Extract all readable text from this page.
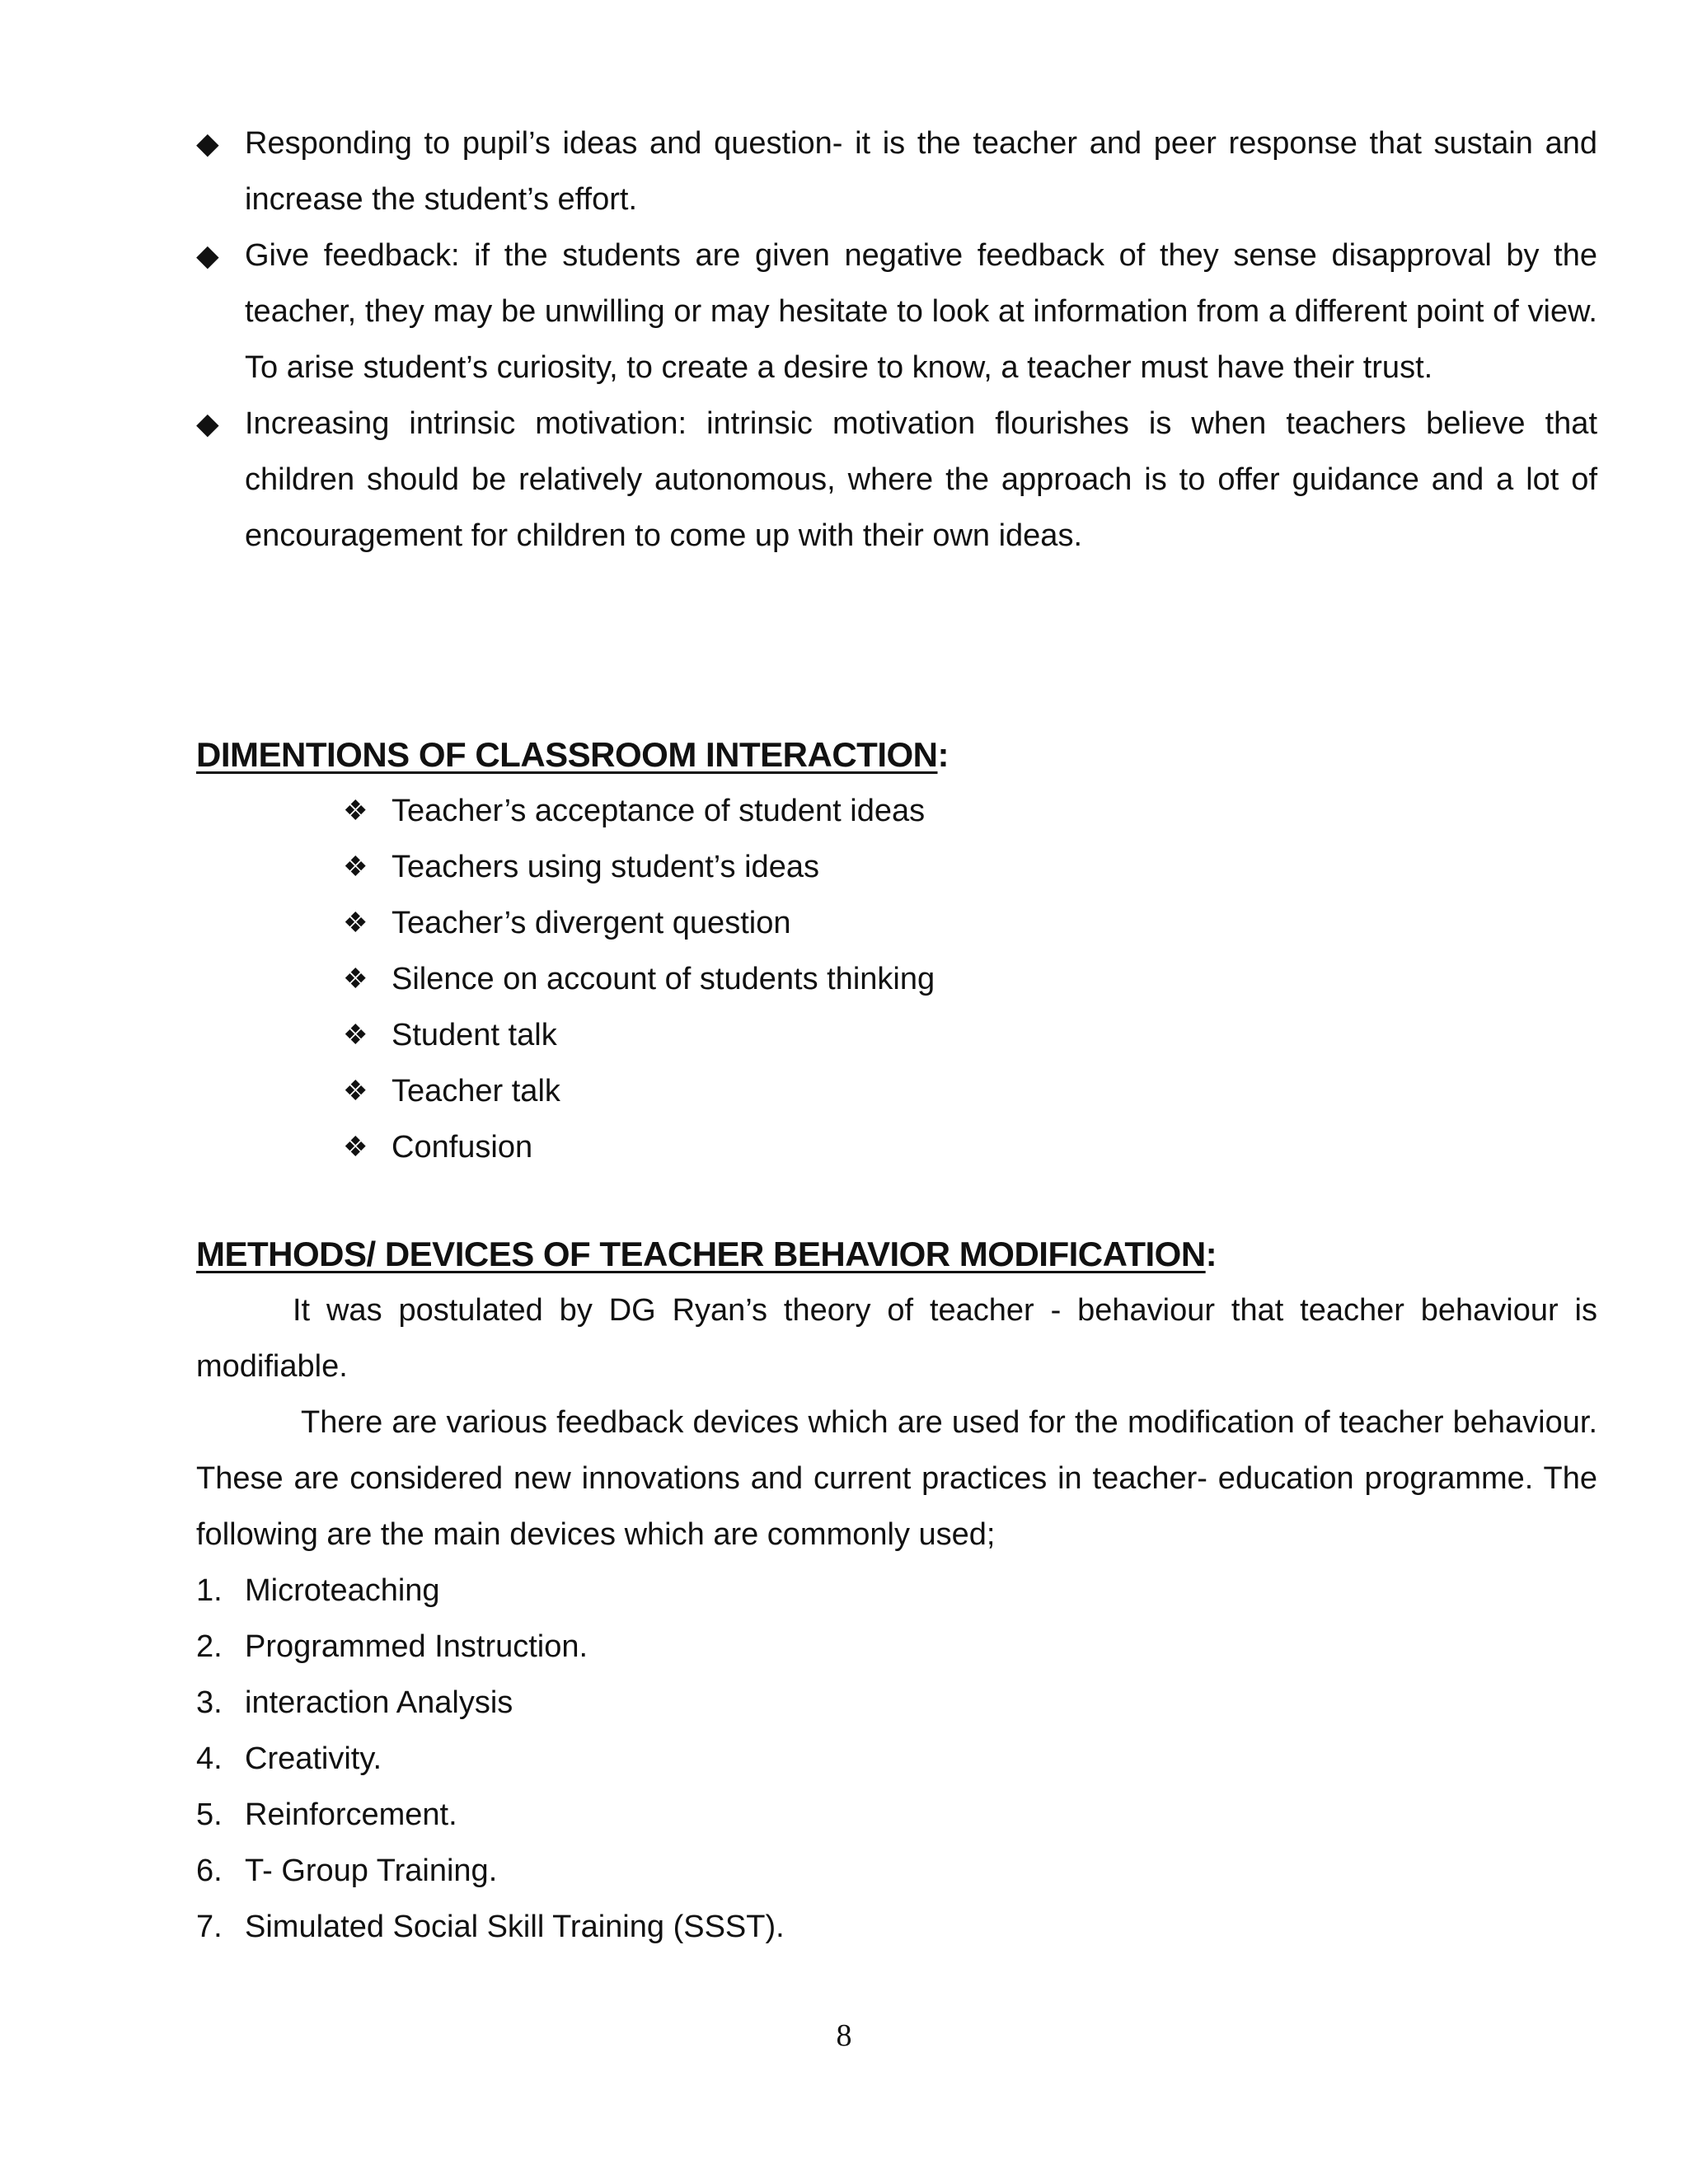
◆ Responding to pupil’s ideas and question- it is the teacher and peer response that sustain and increase the student’s effort.
◆ Give feedback: if the students are given negative feedback of they sense disapproval by the teacher, they may be unwilling or may hesitate to look at information from a different point of view. To arise student’s curiosity, to create a desire to know, a teacher must have their trust.
◆ Increasing intrinsic motivation: intrinsic motivation flourishes is when teachers believe that children should be relatively autonomous, where the approach is to offer guidance and a lot of encouragement for children to come up with their own ideas.
DIMENTIONS OF CLASSROOM INTERACTION:
❖ Teacher’s acceptance of student ideas
❖ Teachers using student’s ideas
❖ Teacher’s divergent question
❖ Silence on account of students thinking
❖ Student talk
❖ Teacher talk
❖ Confusion
METHODS/ DEVICES OF TEACHER BEHAVIOR MODIFICATION:

It was postulated by DG Ryan’s theory of teacher - behaviour that teacher behaviour is modifiable.

There are various feedback devices which are used for the modification of teacher behaviour. These are considered new innovations and current practices in teacher- education programme. The following are the main devices which are commonly used;

1. Microteaching
2. Programmed Instruction.
3. interaction Analysis
4. Creativity.
5. Reinforcement.
6. T- Group Training.
7. Simulated Social Skill Training (SSST).
8
